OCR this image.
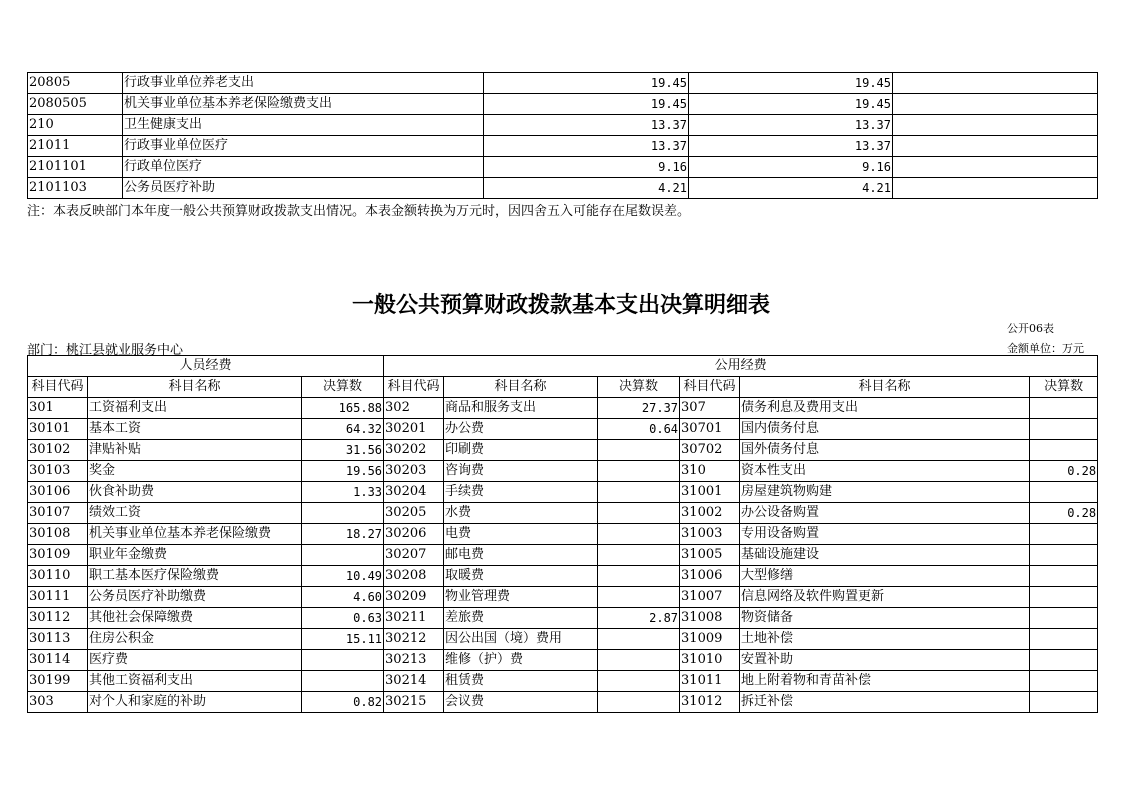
20805	行政事业单位养老支出	19.45	19.45	
2080505	机关事业单位基本养老保险缴费支出	19.45	19.45	
210	卫生健康支出	13.37	13.37	
21011	行政事业单位医疗	13.37	13.37	
2101101	行政单位医疗	9.16	9.16	
2101103	公务员医疗补助	4.21	4.21	
注：本表反映部门本年度一般公共预算财政拨款支出情况。本表金额转换为万元时，因四舍五入可能存在尾数误差。
一般公共预算财政拨款基本支出决算明细表
公开06表
部门：桃江县就业服务中心	金额单位：万元
人员经费			公用经费					
科目代码	科目名称	决算数	科目代码	科目名称	决算数	科目代码	科目名称	决算数
301	工资福利支出	165.88	302	商品和服务支出	27.37	307	债务利息及费用支出	
30101	基本工资	64.32	30201	办公费	0.64	30701	国内债务付息	
30102	津贴补贴	31.56	30202	印刷费		30702	国外债务付息	
30103	奖金	19.56	30203	咨询费		310	资本性支出	0.28
30106	伙食补助费	1.33	30204	手续费		31001	房屋建筑物购建	
30107	绩效工资		30205	水费		31002	办公设备购置	0.28
30108	机关事业单位基本养老保险缴费	18.27	30206	电费		31003	专用设备购置	
30109	职业年金缴费		30207	邮电费		31005	基础设施建设	
30110	职工基本医疗保险缴费	10.49	30208	取暖费		31006	大型修缮	
30111	公务员医疗补助缴费	4.60	30209	物业管理费		31007	信息网络及软件购置更新	
30112	其他社会保障缴费	0.63	30211	差旅费	2.87	31008	物资储备	
30113	住房公积金	15.11	30212	因公出国（境）费用		31009	土地补偿	
30114	医疗费		30213	维修（护）费		31010	安置补助	
30199	其他工资福利支出		30214	租赁费		31011	地上附着物和青苗补偿	
303	对个人和家庭的补助	0.82	30215	会议费		31012	拆迁补偿	
